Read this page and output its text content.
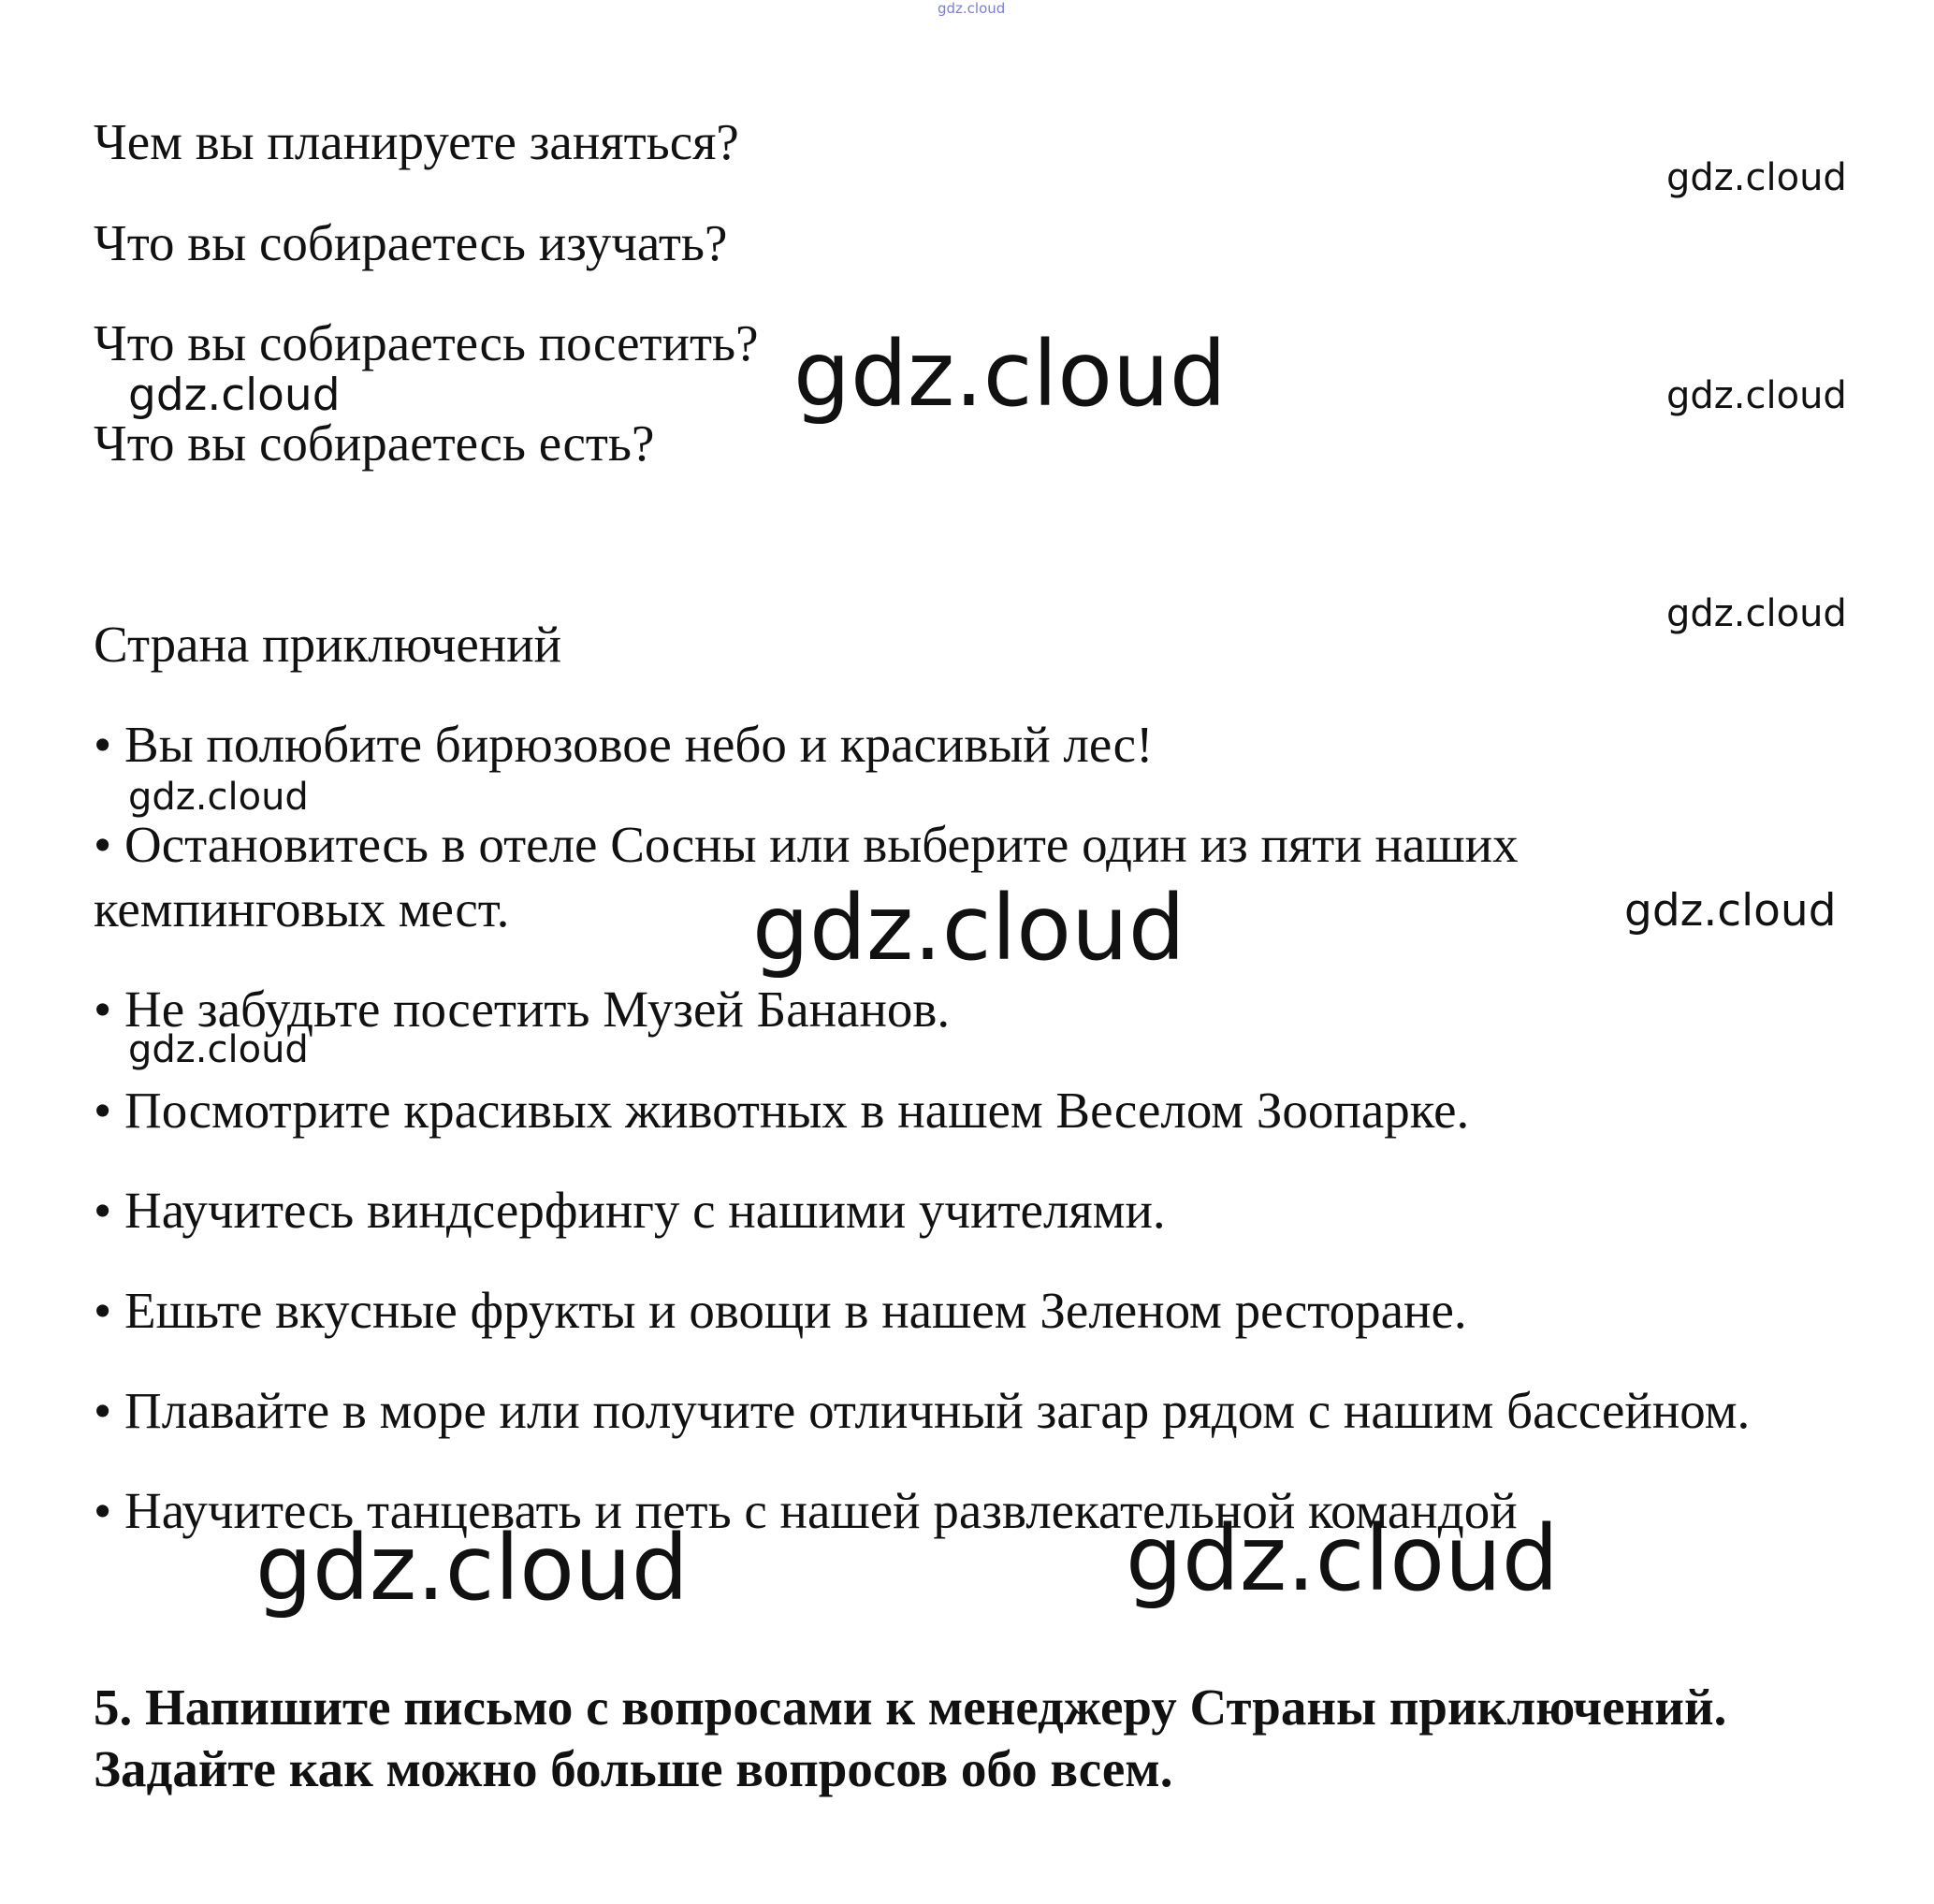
Чем вы планируете заняться?

Что вы собираетесь изучать?

Что вы собираетесь посетить?

Что вы собираетесь есть?

Страна приключений

• Вы полюбите бирюзовое небо и красивый лес!

• Остановитесь в отеле Сосны или выберите один из пяти наших

кемпинговых мест.

• Не забудьте посетить Музей Бананов.

• Посмотрите красивых животных в нашем Веселом Зоопарке.

• Научитесь виндсерфингу с нашими учителями.

• Ешьте вкусные фрукты и овощи в нашем Зеленом ресторане.

• Плавайте в море или получите отличный загар рядом с нашим бассейном.

• Научитесь танцевать и петь с нашей развлекательной командой

5. Напишите письмо с вопросами к менеджеру Страны приключений.

Задайте как можно больше вопросов обо всем.

gdz.cloud
gdz.cloud
gdz.cloud
gdz.cloud
gdz.cloud
gdz.cloud
gdz.cloud
gdz.cloud
gdz.cloud
gdz.cloud
gdz.cloud	gdz.cloud
